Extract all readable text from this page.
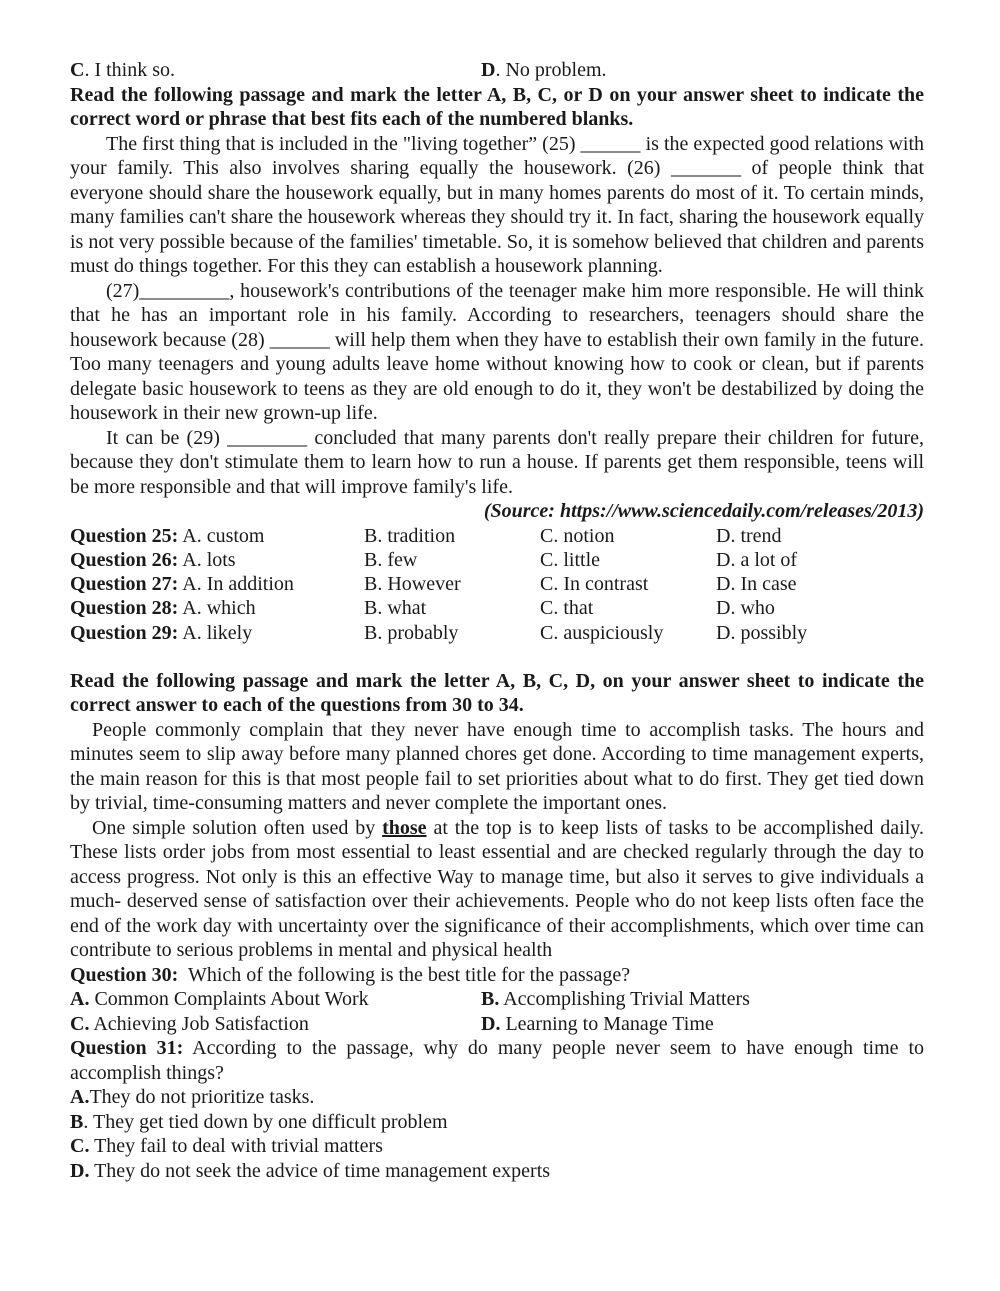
C. I think so.	D. No problem.

Read the following passage and mark the letter A, B, C, or D on your answer sheet to indicate the correct word or phrase that best fits each of the numbered blanks.

The first thing that is included in the "living together” (25) ______ is the expected good relations with your family. This also involves sharing equally the housework. (26) _______ of people think that everyone should share the housework equally, but in many homes parents do most of it. To certain minds, many families can't share the housework whereas they should try it. In fact, sharing the housework equally is not very possible because of the families' timetable. So, it is somehow believed that children and parents must do things together. For this they can establish a housework planning.

(27)_________, housework's contributions of the teenager make him more responsible. He will think that he has an important role in his family. According to researchers, teenagers should share the housework because (28) ______ will help them when they have to establish their own family in the future. Too many teenagers and young adults leave home without knowing how to cook or clean, but if parents delegate basic housework to teens as they are old enough to do it, they won't be destabilized by doing the housework in their new grown-up life.

It can be (29) ________ concluded that many parents don't really prepare their children for future, because they don't stimulate them to learn how to run a house. If parents get them responsible, teens will be more responsible and that will improve family's life.

(Source: https://www.sciencedaily.com/releases/2013)
Question 25: A. custom	B. tradition	C. notion	D. trend
Question 26: A. lots	B. few	C. little	D. a lot of
Question 27: A. In addition	B. However	C. In contrast	D. In case
Question 28: A. which	B. what	C. that	D. who
Question 29: A. likely	B. probably	C. auspiciously	D. possibly

Read the following passage and mark the letter A, B, C, D, on your answer sheet to indicate the correct answer to each of the questions from 30 to 34.

People commonly complain that they never have enough time to accomplish tasks. The hours and minutes seem to slip away before many planned chores get done. According to time management experts, the main reason for this is that most people fail to set priorities about what to do first. They get tied down by trivial, time-consuming matters and never complete the important ones.

One simple solution often used by those at the top is to keep lists of tasks to be accomplished daily. These lists order jobs from most essential to least essential and are checked regularly through the day to access progress. Not only is this an effective Way to manage time, but also it serves to give individuals a much- deserved sense of satisfaction over their achievements. People who do not keep lists often face the end of the work day with uncertainty over the significance of their accomplishments, which over time can contribute to serious problems in mental and physical health

Question 30:  Which of the following is the best title for the passage?

A. Common Complaints About Work	B. Accomplishing Trivial Matters
C. Achieving Job Satisfaction	D. Learning to Manage Time

Question 31: According to the passage, why do many people never seem to have enough time to accomplish things?

A.They do not prioritize tasks.

B. They get tied down by one difficult problem

C. They fail to deal with trivial matters

D. They do not seek the advice of time management experts
